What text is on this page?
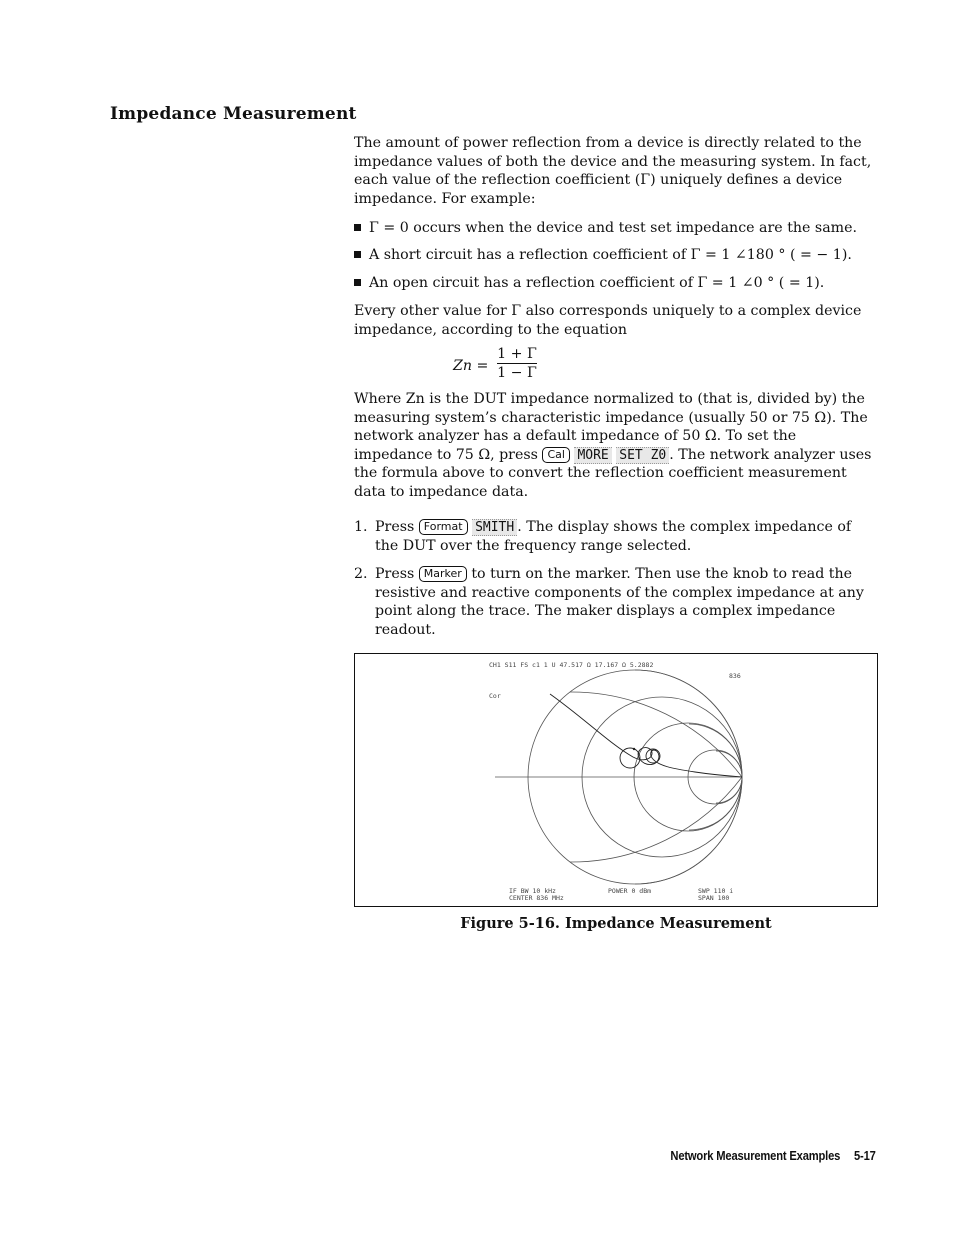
Impedance Measurement

The amount of power reflection from a device is directly related to the impedance values of both the device and the measuring system. In fact, each value of the reflection coefficient (Γ) uniquely defines a device impedance. For example:

Γ = 0 occurs when the device and test set impedance are the same.
A short circuit has a reflection coefficient of Γ = 1 ∠180 ° ( = − 1).
An open circuit has a reflection coefficient of Γ = 1 ∠0 ° ( = 1).

Every other value for Γ also corresponds uniquely to a complex device impedance, according to the equation

$Zn = \frac{1 + \Gamma}{1 - \Gamma}$

Where Zn is the DUT impedance normalized to (that is, divided by) the measuring system’s characteristic impedance (usually 50 or 75 Ω). The network analyzer has a default impedance of 50 Ω. To set the impedance to 75 Ω, press Cal MORE SET Z0 . The network analyzer uses the formula above to convert the reflection coefficient measurement data to impedance data.

1. Press Format SMITH . The display shows the complex impedance of the DUT over the frequency range selected.
2. Press Marker to turn on the marker. Then use the knob to read the resistive and reactive components of the complex impedance at any point along the trace. The maker displays a complex impedance readout.
CH1 S11 FS c1 1 U 47.517 Ω 17.167 Ω 5.2882
836
Cor
IF BW 10 kHz
CENTER 836 MHz
POWER 0 dBm	SWP 110 i
SPAN 100
Figure 5-16. Impedance Measurement
Network Measurement Examples 5-17
